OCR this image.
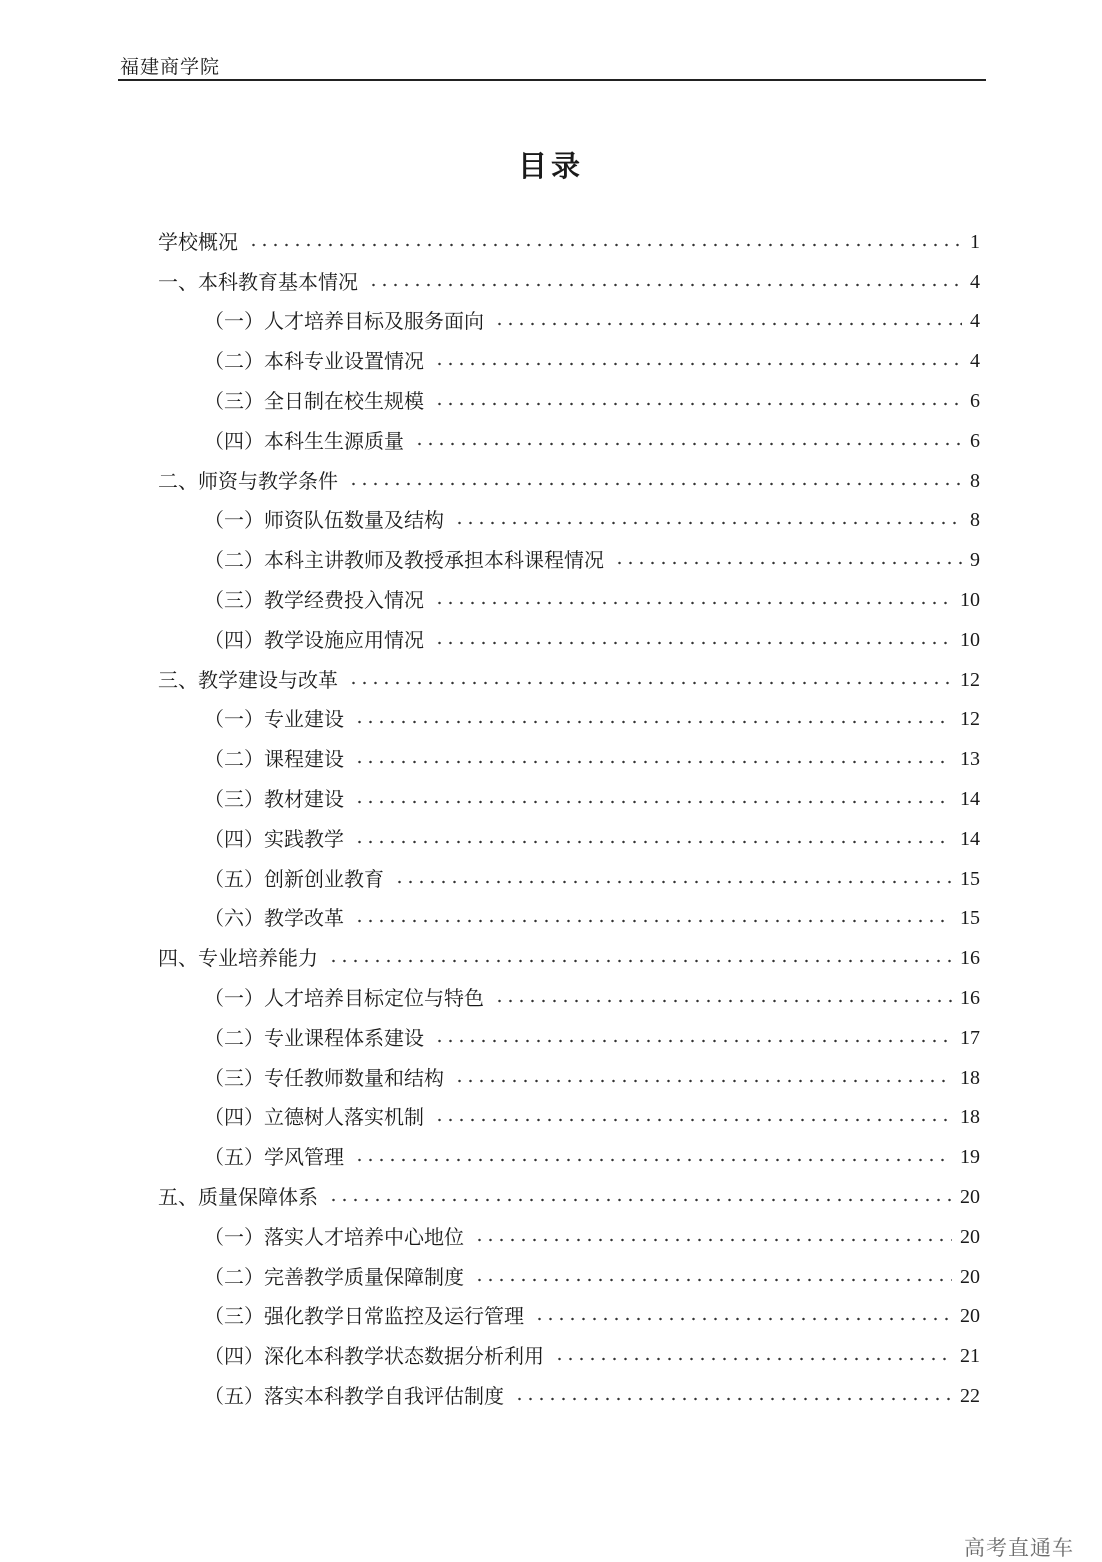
福建商学院
目录
学校概况	1
一、本科教育基本情况	4
（一）人才培养目标及服务面向	4
（二）本科专业设置情况	4
（三）全日制在校生规模	6
（四）本科生生源质量	6
二、师资与教学条件	8
（一）师资队伍数量及结构	8
（二）本科主讲教师及教授承担本科课程情况	9
（三）教学经费投入情况	10
（四）教学设施应用情况	10
三、教学建设与改革	12
（一）专业建设	12
（二）课程建设	13
（三）教材建设	14
（四）实践教学	14
（五）创新创业教育	15
（六）教学改革	15
四、专业培养能力	16
（一）人才培养目标定位与特色	16
（二）专业课程体系建设	17
（三）专任教师数量和结构	18
（四）立德树人落实机制	18
（五）学风管理	19
五、质量保障体系	20
（一）落实人才培养中心地位	20
（二）完善教学质量保障制度	20
（三）强化教学日常监控及运行管理	20
（四）深化本科教学状态数据分析利用	21
（五）落实本科教学自我评估制度	22
高考直通车
